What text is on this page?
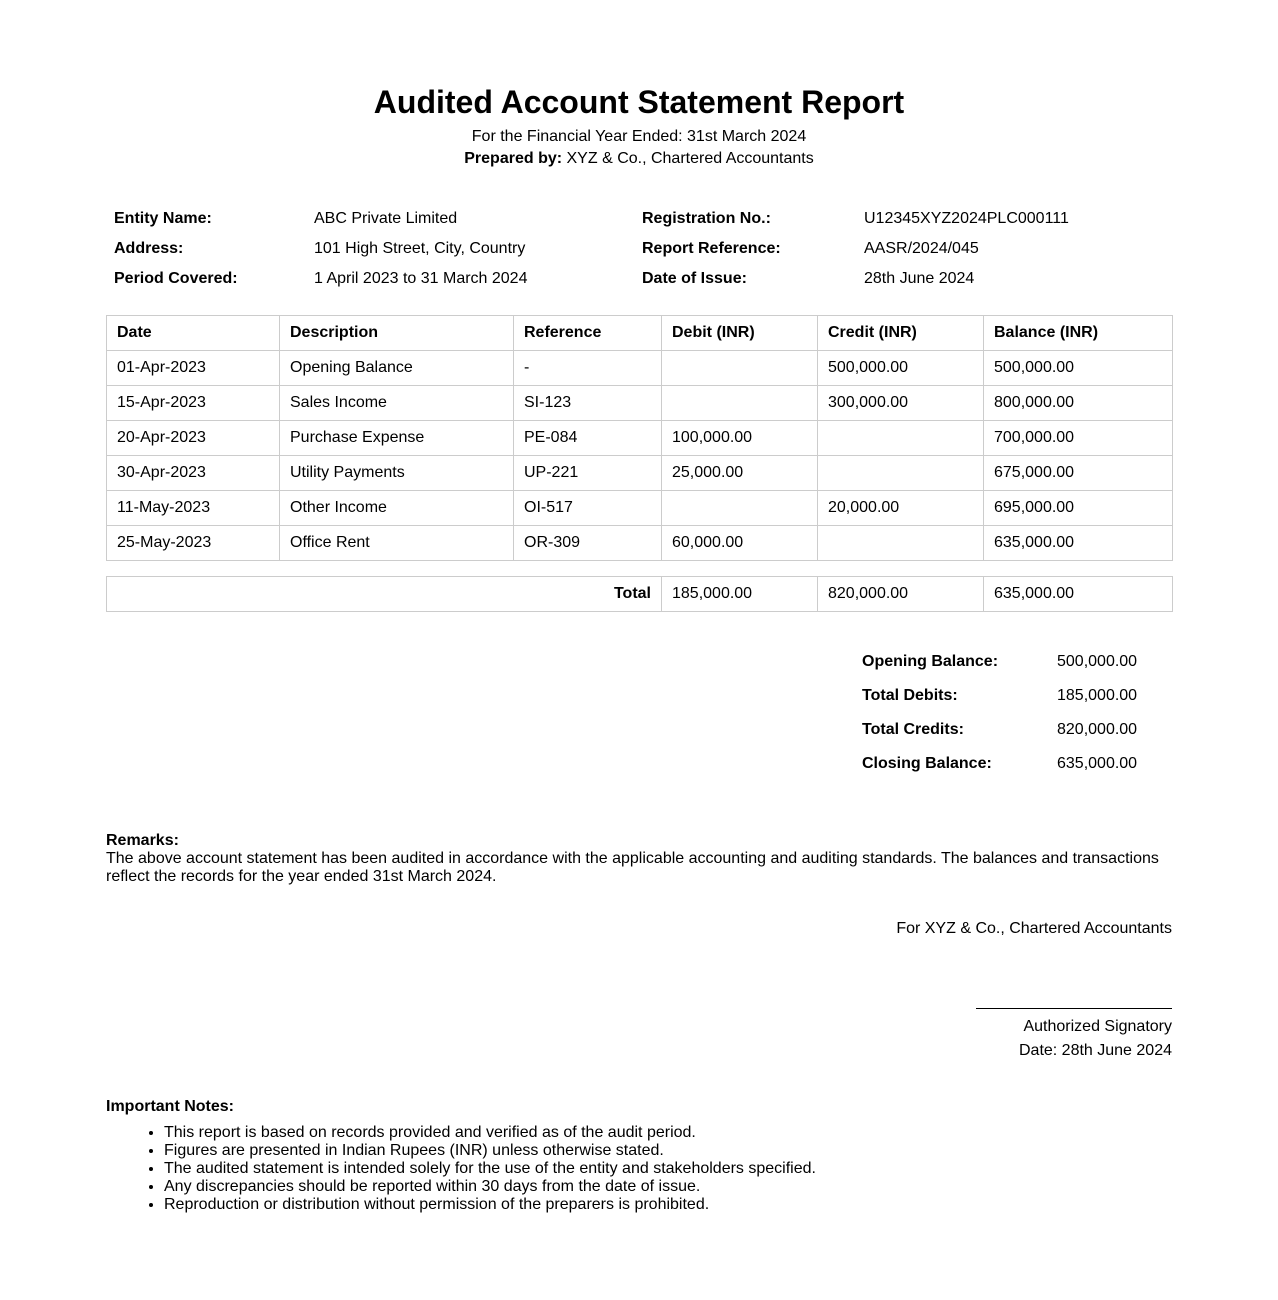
Audited Account Statement Report
For the Financial Year Ended: 31st March 2024
Prepared by: XYZ & Co., Chartered Accountants
Entity Name:	ABC Private Limited	Registration No.:	U12345XYZ2024PLC000111
Address:	101 High Street, City, Country	Report Reference:	AASR/2024/045
Period Covered:	1 April 2023 to 31 March 2024	Date of Issue:	28th June 2024
Date	Description	Reference	Debit (INR)	Credit (INR)	Balance (INR)
01-Apr-2023	Opening Balance	-		500,000.00	500,000.00
15-Apr-2023	Sales Income	SI-123		300,000.00	800,000.00
20-Apr-2023	Purchase Expense	PE-084	100,000.00		700,000.00
30-Apr-2023	Utility Payments	UP-221	25,000.00		675,000.00
11-May-2023	Other Income	OI-517		20,000.00	695,000.00
25-May-2023	Office Rent	OR-309	60,000.00		635,000.00
Total	185,000.00	820,000.00	635,000.00
Opening Balance:	500,000.00
Total Debits:	185,000.00
Total Credits:	820,000.00
Closing Balance:	635,000.00
Remarks:
The above account statement has been audited in accordance with the applicable accounting and auditing standards. The balances and transactions reflect the records for the year ended 31st March 2024.
For XYZ & Co., Chartered Accountants
Authorized Signatory
Date: 28th June 2024
Important Notes:
• This report is based on records provided and verified as of the audit period.
• Figures are presented in Indian Rupees (INR) unless otherwise stated.
• The audited statement is intended solely for the use of the entity and stakeholders specified.
• Any discrepancies should be reported within 30 days from the date of issue.
• Reproduction or distribution without permission of the preparers is prohibited.
